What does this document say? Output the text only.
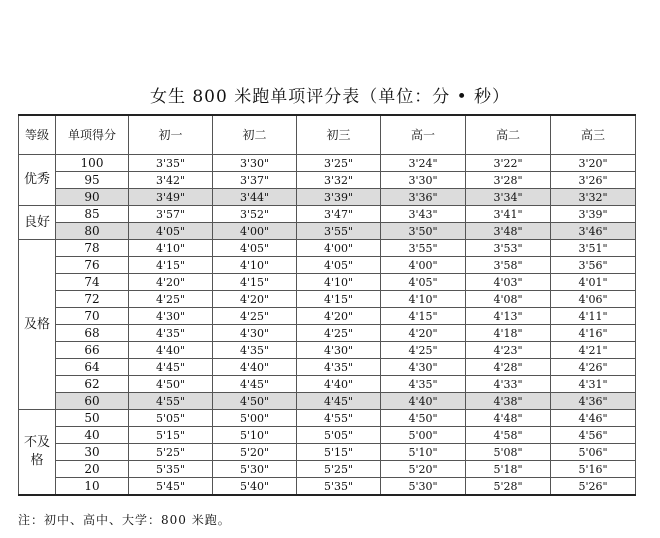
女生 800 米跑单项评分表（单位：分 • 秒）
等级	单项得分	初一	初二	初三	高一	高二	高三
优秀	100	3'35"	3'30"	3'25"	3'24"	3'22"	3'20"
	95	3'42"	3'37"	3'32"	3'30"	3'28"	3'26"
	90	3'49"	3'44"	3'39"	3'36"	3'34"	3'32"
良好	85	3'57"	3'52"	3'47"	3'43"	3'41"	3'39"
	80	4'05"	4'00"	3'55"	3'50"	3'48"	3'46"
及格	78	4'10"	4'05"	4'00"	3'55"	3'53"	3'51"
	76	4'15"	4'10"	4'05"	4'00"	3'58"	3'56"
	74	4'20"	4'15"	4'10"	4'05"	4'03"	4'01"
	72	4'25"	4'20"	4'15"	4'10"	4'08"	4'06"
	70	4'30"	4'25"	4'20"	4'15"	4'13"	4'11"
	68	4'35"	4'30"	4'25"	4'20"	4'18"	4'16"
	66	4'40"	4'35"	4'30"	4'25"	4'23"	4'21"
	64	4'45"	4'40"	4'35"	4'30"	4'28"	4'26"
	62	4'50"	4'45"	4'40"	4'35"	4'33"	4'31"
	60	4'55"	4'50"	4'45"	4'40"	4'38"	4'36"
不及格	50	5'05"	5'00"	4'55"	4'50"	4'48"	4'46"
	40	5'15"	5'10"	5'05"	5'00"	4'58"	4'56"
	30	5'25"	5'20"	5'15"	5'10"	5'08"	5'06"
	20	5'35"	5'30"	5'25"	5'20"	5'18"	5'16"
	10	5'45"	5'40"	5'35"	5'30"	5'28"	5'26"
注：初中、高中、大学：800 米跑。
